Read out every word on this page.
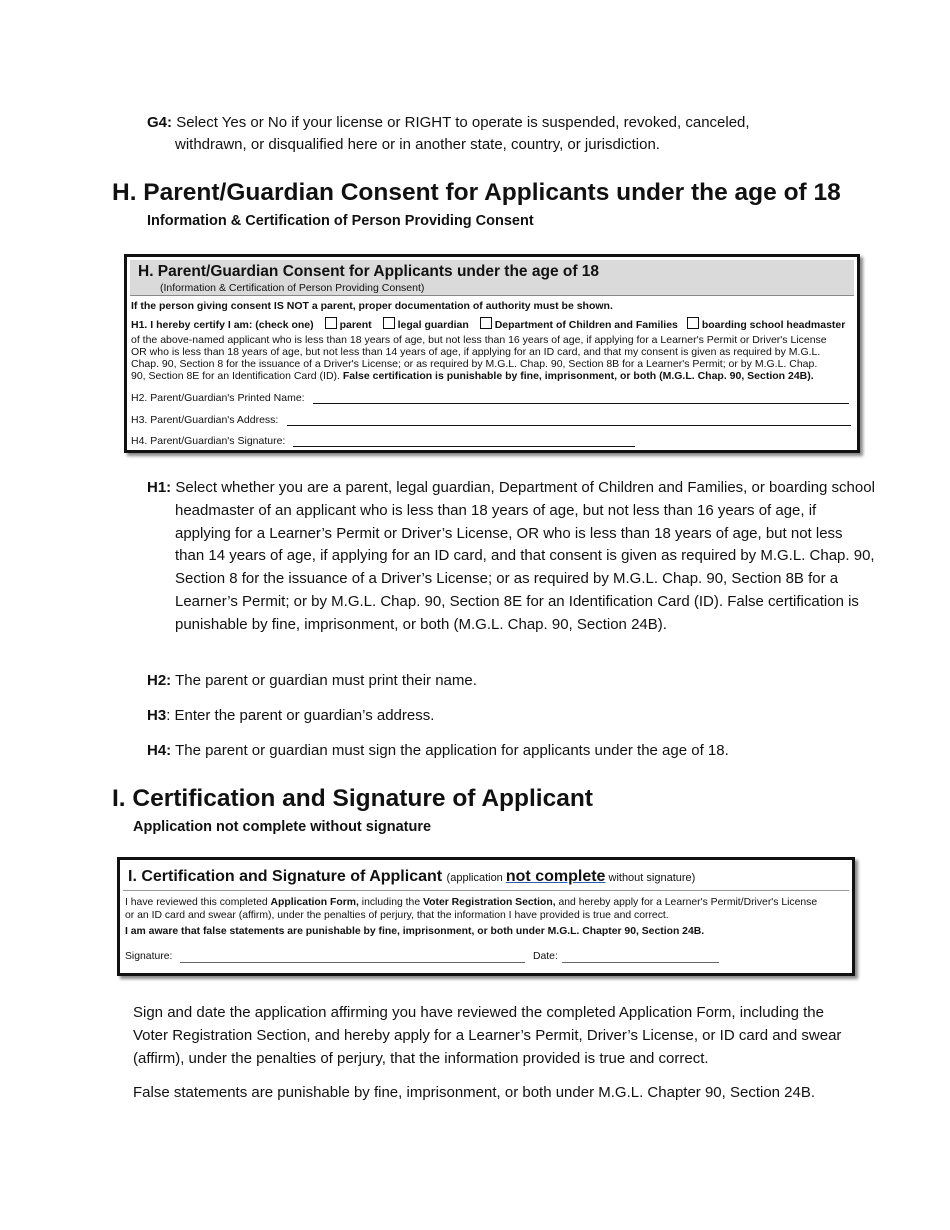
G4: Select Yes or No if your license or RIGHT to operate is suspended, revoked, canceled,
withdrawn, or disqualified here or in another state, country, or jurisdiction.
H. Parent/Guardian Consent for Applicants under the age of 18
Information & Certification of Person Providing Consent
H. Parent/Guardian Consent for Applicants under the age of 18
(Information & Certification of Person Providing Consent)
If the person giving consent IS NOT a parent, proper documentation of authority must be shown.
H1. I hereby certify I am: (check one) parent legal guardian Department of Children and Families boarding school headmaster
of the above-named applicant who is less than 18 years of age, but not less than 16 years of age, if applying for a Learner's Permit or Driver's License
OR who is less than 18 years of age, but not less than 14 years of age, if applying for an ID card, and that my consent is given as required by M.G.L.
Chap. 90, Section 8 for the issuance of a Driver's License; or as required by M.G.L. Chap. 90, Section 8B for a Learner's Permit; or by M.G.L. Chap.
90, Section 8E for an Identification Card (ID). False certification is punishable by fine, imprisonment, or both (M.G.L. Chap. 90, Section 24B).
H2. Parent/Guardian's Printed Name:
H3. Parent/Guardian's Address:
H4. Parent/Guardian's Signature:
H1: Select whether you are a parent, legal guardian, Department of Children and Families, or boarding school headmaster of an applicant who is less than 18 years of age, but not less than 16 years of age, if applying for a Learner’s Permit or Driver’s License, OR who is less than 18 years of age, but not less than 14 years of age, if applying for an ID card, and that consent is given as required by M.G.L. Chap. 90, Section 8 for the issuance of a Driver’s License; or as required by M.G.L. Chap. 90, Section 8B for a Learner’s Permit; or by M.G.L. Chap. 90, Section 8E for an Identification Card (ID). False certification is punishable by fine, imprisonment, or both (M.G.L. Chap. 90, Section 24B).
H2: The parent or guardian must print their name.
H3: Enter the parent or guardian’s address.
H4: The parent or guardian must sign the application for applicants under the age of 18.
I. Certification and Signature of Applicant
Application not complete without signature
I. Certification and Signature of Applicant (application not complete without signature)
I have reviewed this completed Application Form, including the Voter Registration Section, and hereby apply for a Learner's Permit/Driver's License
or an ID card and swear (affirm), under the penalties of perjury, that the information I have provided is true and correct.
I am aware that false statements are punishable by fine, imprisonment, or both under M.G.L. Chapter 90, Section 24B.
Signature:	Date:
Sign and date the application affirming you have reviewed the completed Application Form, including the Voter Registration Section, and hereby apply for a Learner’s Permit, Driver’s License, or ID card and swear (affirm), under the penalties of perjury, that the information provided is true and correct.
False statements are punishable by fine, imprisonment, or both under M.G.L. Chapter 90, Section 24B.
